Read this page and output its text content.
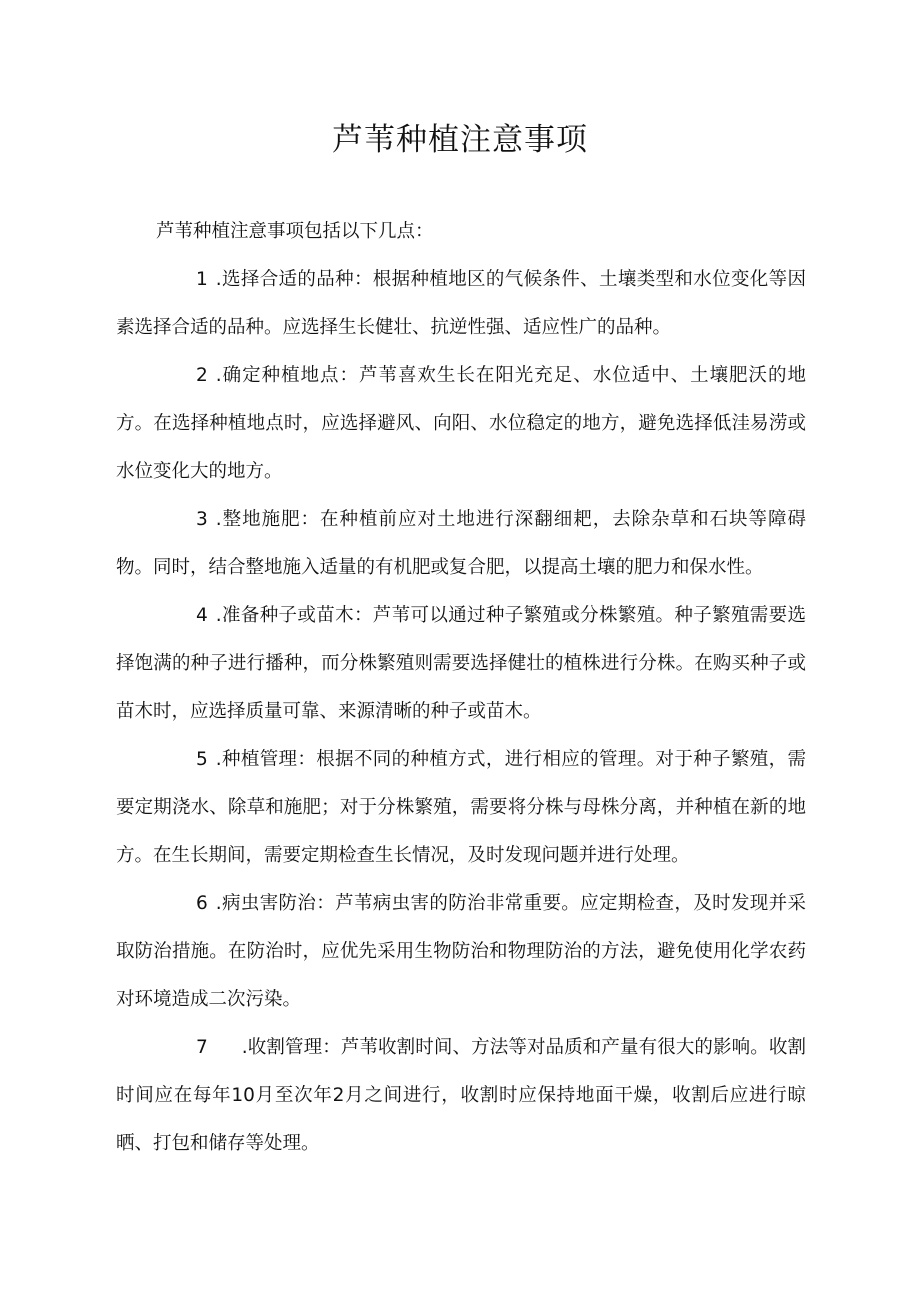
芦苇种植注意事项

芦苇种植注意事项包括以下几点：

1 .选择合适的品种：根据种植地区的气候条件、土壤类型和水位变化等因素选择合适的品种。应选择生长健壮、抗逆性强、适应性广的品种。

2 .确定种植地点：芦苇喜欢生长在阳光充足、水位适中、土壤肥沃的地方。在选择种植地点时，应选择避风、向阳、水位稳定的地方，避免选择低洼易涝或水位变化大的地方。

3 .整地施肥：在种植前应对土地进行深翻细耙，去除杂草和石块等障碍物。同时，结合整地施入适量的有机肥或复合肥，以提高土壤的肥力和保水性。

4 .准备种子或苗木：芦苇可以通过种子繁殖或分株繁殖。种子繁殖需要选择饱满的种子进行播种，而分株繁殖则需要选择健壮的植株进行分株。在购买种子或苗木时，应选择质量可靠、来源清晰的种子或苗木。

5 .种植管理：根据不同的种植方式，进行相应的管理。对于种子繁殖，需要定期浇水、除草和施肥；对于分株繁殖，需要将分株与母株分离，并种植在新的地方。在生长期间，需要定期检查生长情况，及时发现问题并进行处理。

6 .病虫害防治：芦苇病虫害的防治非常重要。应定期检查，及时发现并采取防治措施。在防治时，应优先采用生物防治和物理防治的方法，避免使用化学农药对环境造成二次污染。

7 .收割管理：芦苇收割时间、方法等对品质和产量有很大的影响。收割时间应在每年10月至次年2月之间进行，收割时应保持地面干燥，收割后应进行晾晒、打包和储存等处理。
